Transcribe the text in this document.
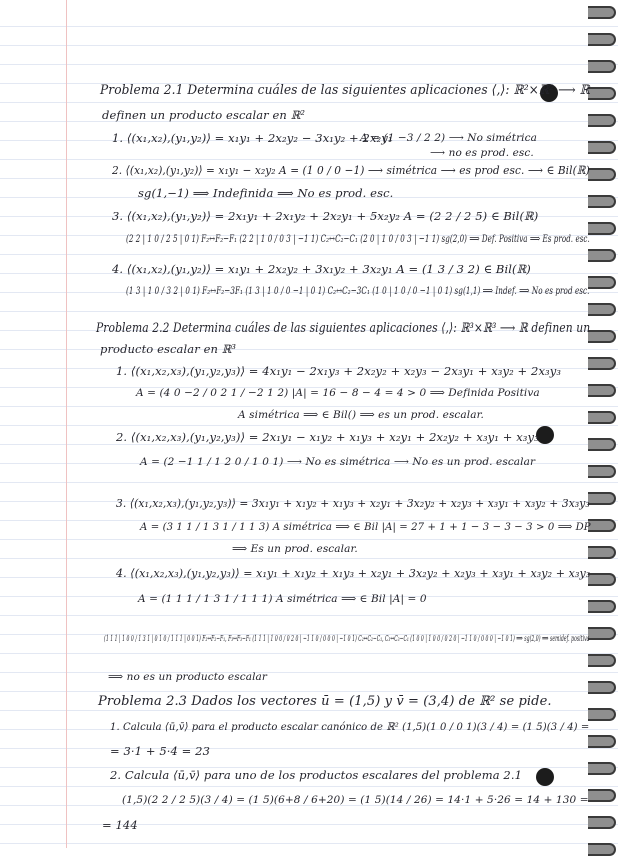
Problema 2.1 Determina cuáles de las siguientes aplicaciones ⟨,⟩: ℝ²×ℝ² ⟶ ℝ
definen un producto escalar en ℝ²
1. ⟨(x₁,x₂),(y₁,y₂)⟩ = x₁y₁ + 2x₂y₂ − 3x₁y₂ + 2x₂y₁
A = (1 −3 / 2 2) ⟶ No simétrica
⟶ no es prod. esc.
2. ⟨(x₁,x₂),(y₁,y₂)⟩ = x₁y₁ − x₂y₂ A = (1 0 / 0 −1) ⟶ simétrica ⟶ es prod esc. ⟶ ∈ Bil(ℝ)
sg(1,−1) ⟹ Indefinida ⟹ No es prod. esc.
3. ⟨(x₁,x₂),(y₁,y₂)⟩ = 2x₁y₁ + 2x₁y₂ + 2x₂y₁ + 5x₂y₂ A = (2 2 / 2 5) ∈ Bil(ℝ)
(2 2 | 1 0 / 2 5 | 0 1) F₂↔F₂−F₁ (2 2 | 1 0 / 0 3 | −1 1) C₂↔C₂−C₁ (2 0 | 1 0 / 0 3 | −1 1) sg(2,0) ⟹ Def. Positiva ⟹ Es prod. esc.
4. ⟨(x₁,x₂),(y₁,y₂)⟩ = x₁y₁ + 2x₂y₂ + 3x₁y₂ + 3x₂y₁ A = (1 3 / 3 2) ∈ Bil(ℝ)
(1 3 | 1 0 / 3 2 | 0 1) F₂↔F₂−3F₁ (1 3 | 1 0 / 0 −1 | 0 1) C₂↔C₂−3C₁ (1 0 | 1 0 / 0 −1 | 0 1) sg(1,1) ⟹ Indef. ⟹ No es prod esc.
Problema 2.2 Determina cuáles de las siguientes aplicaciones ⟨,⟩: ℝ³×ℝ³ ⟶ ℝ definen un
producto escalar en ℝ³
1. ⟨(x₁,x₂,x₃),(y₁,y₂,y₃)⟩ = 4x₁y₁ − 2x₁y₃ + 2x₂y₂ + x₂y₃ − 2x₃y₁ + x₃y₂ + 2x₃y₃
A = (4 0 −2 / 0 2 1 / −2 1 2) |A| = 16 − 8 − 4 = 4 > 0 ⟹ Definida Positiva
A simétrica ⟹ ∈ Bil() ⟹ es un prod. escalar.
2. ⟨(x₁,x₂,x₃),(y₁,y₂,y₃)⟩ = 2x₁y₁ − x₁y₂ + x₁y₃ + x₂y₁ + 2x₂y₂ + x₃y₁ + x₃y₃
A = (2 −1 1 / 1 2 0 / 1 0 1) ⟶ No es simétrica ⟶ No es un prod. escalar
3. ⟨(x₁,x₂,x₃),(y₁,y₂,y₃)⟩ = 3x₁y₁ + x₁y₂ + x₁y₃ + x₂y₁ + 3x₂y₂ + x₂y₃ + x₃y₁ + x₃y₂ + 3x₃y₃
A = (3 1 1 / 1 3 1 / 1 1 3) A simétrica ⟹ ∈ Bil |A| = 27 + 1 + 1 − 3 − 3 − 3 > 0 ⟹ DP
⟹ Es un prod. escalar.
4. ⟨(x₁,x₂,x₃),(y₁,y₂,y₃)⟩ = x₁y₁ + x₁y₂ + x₁y₃ + x₂y₁ + 3x₂y₂ + x₂y₃ + x₃y₁ + x₃y₂ + x₃y₃
A = (1 1 1 / 1 3 1 / 1 1 1) A simétrica ⟹ ∈ Bil |A| = 0
(1 1 1 | 1 0 0 / 1 3 1 | 0 1 0 / 1 1 1 | 0 0 1) F₂↔F₂−F₁, F₃↔F₃−F₁ (1 1 1 | 1 0 0 / 0 2 0 | −1 1 0 / 0 0 0 | −1 0 1) C₂↔C₂−C₁, C₃↔C₃−C₁ (1 0 0 | 1 0 0 / 0 2 0 | −1 1 0 / 0 0 0 | −1 0 1) ⟹ sg(2,0) ⟹ semidef. positiva
⟹ no es un producto escalar
Problema 2.3 Dados los vectores ū = (1,5) y v̄ = (3,4) de ℝ² se pide.
1. Calcula ⟨ū,v̄⟩ para el producto escalar canónico de ℝ² (1,5)(1 0 / 0 1)(3 / 4) = (1 5)(3 / 4) =
= 3·1 + 5·4 = 23
2. Calcula ⟨ū,v̄⟩ para uno de los productos escalares del problema 2.1
(1,5)(2 2 / 2 5)(3 / 4) = (1 5)(6+8 / 6+20) = (1 5)(14 / 26) = 14·1 + 5·26 = 14 + 130 =
= 144
